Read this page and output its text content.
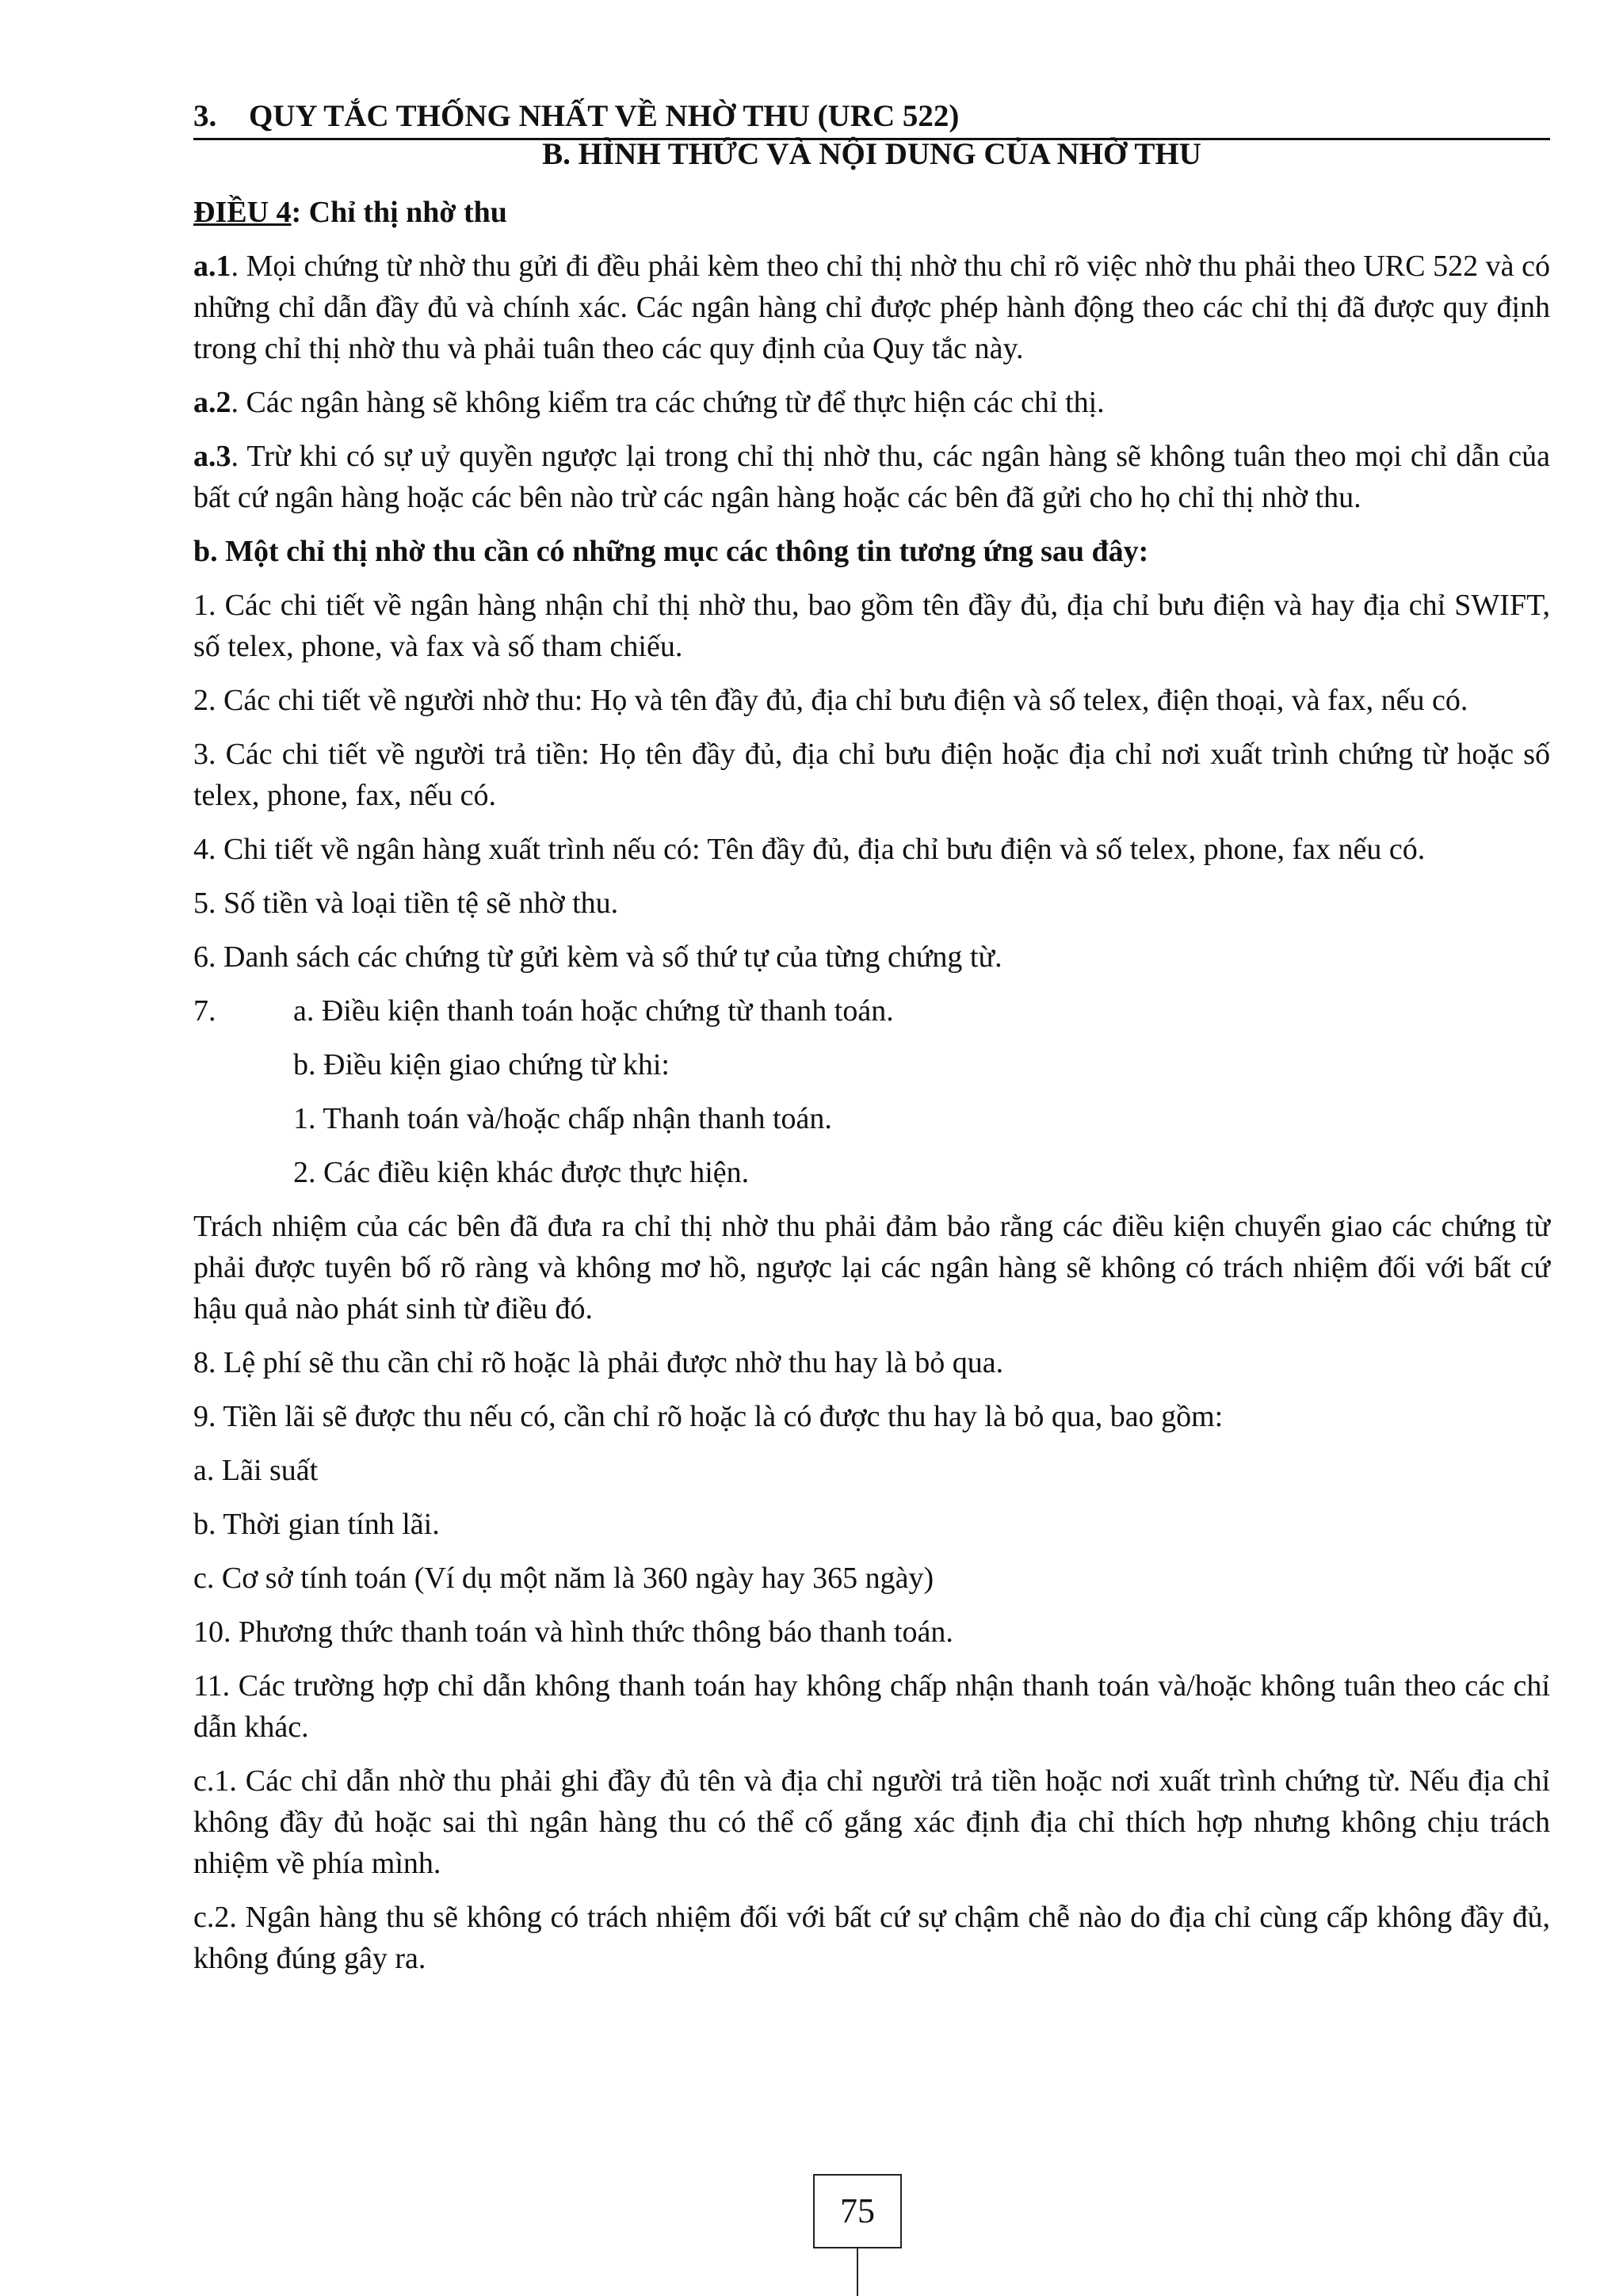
3. QUY TẮC THỐNG NHẤT VỀ NHỜ THU (URC 522)
B. HÌNH THỨC VÀ NỘI DUNG CỦA NHỜ THU

ĐIỀU 4: Chỉ thị nhờ thu

a.1. Mọi chứng từ nhờ thu gửi đi đều phải kèm theo chỉ thị nhờ thu chỉ rõ việc nhờ thu phải theo URC 522 và có những chỉ dẫn đầy đủ và chính xác. Các ngân hàng chỉ được phép hành động theo các chỉ thị đã được quy định trong chỉ thị nhờ thu và phải tuân theo các quy định của Quy tắc này.

a.2. Các ngân hàng sẽ không kiểm tra các chứng từ để thực hiện các chỉ thị.

a.3. Trừ khi có sự uỷ quyền ngược lại trong chỉ thị nhờ thu, các ngân hàng sẽ không tuân theo mọi chỉ dẫn của bất cứ ngân hàng hoặc các bên nào trừ các ngân hàng hoặc các bên đã gửi cho họ chỉ thị nhờ thu.

b. Một chỉ thị nhờ thu cần có những mục các thông tin tương ứng sau đây:

1. Các chi tiết về ngân hàng nhận chỉ thị nhờ thu, bao gồm tên đầy đủ, địa chỉ bưu điện và hay địa chỉ SWIFT, số telex, phone, và fax và số tham chiếu.

2. Các chi tiết về người nhờ thu: Họ và tên đầy đủ, địa chỉ bưu điện và số telex, điện thoại, và fax, nếu có.

3. Các chi tiết về người trả tiền: Họ tên đầy đủ, địa chỉ bưu điện hoặc địa chỉ nơi xuất trình chứng từ hoặc số telex, phone, fax, nếu có.

4. Chi tiết về ngân hàng xuất trình nếu có: Tên đầy đủ, địa chỉ bưu điện và số telex, phone, fax nếu có.

5. Số tiền và loại tiền tệ sẽ nhờ thu.

6. Danh sách các chứng từ gửi kèm và số thứ tự của từng chứng từ.

7.	a. Điều kiện thanh toán hoặc chứng từ thanh toán.

b. Điều kiện giao chứng từ khi:

1. Thanh toán và/hoặc chấp nhận thanh toán.

2. Các điều kiện khác được thực hiện.

Trách nhiệm của các bên đã đưa ra chỉ thị nhờ thu phải đảm bảo rằng các điều kiện chuyển giao các chứng từ phải được tuyên bố rõ ràng và không mơ hồ, ngược lại các ngân hàng sẽ không có trách nhiệm đối với bất cứ hậu quả nào phát sinh từ điều đó.

8. Lệ phí sẽ thu cần chỉ rõ hoặc là phải được nhờ thu hay là bỏ qua.

9. Tiền lãi sẽ được thu nếu có, cần chỉ rõ hoặc là có được thu hay là bỏ qua, bao gồm:

a. Lãi suất

b. Thời gian tính lãi.

c. Cơ sở tính toán (Ví dụ một năm là 360 ngày hay 365 ngày)

10. Phương thức thanh toán và hình thức thông báo thanh toán.

11. Các trường hợp chỉ dẫn không thanh toán hay không chấp nhận thanh toán và/hoặc không tuân theo các chỉ dẫn khác.

c.1. Các chỉ dẫn nhờ thu phải ghi đầy đủ tên và địa chỉ người trả tiền hoặc nơi xuất trình chứng từ. Nếu địa chỉ không đầy đủ hoặc sai thì ngân hàng thu có thể cố gắng xác định địa chỉ thích hợp nhưng không chịu trách nhiệm về phía mình.

c.2. Ngân hàng thu sẽ không có trách nhiệm đối với bất cứ sự chậm chễ nào do địa chỉ cùng cấp không đầy đủ, không đúng gây ra.

75
